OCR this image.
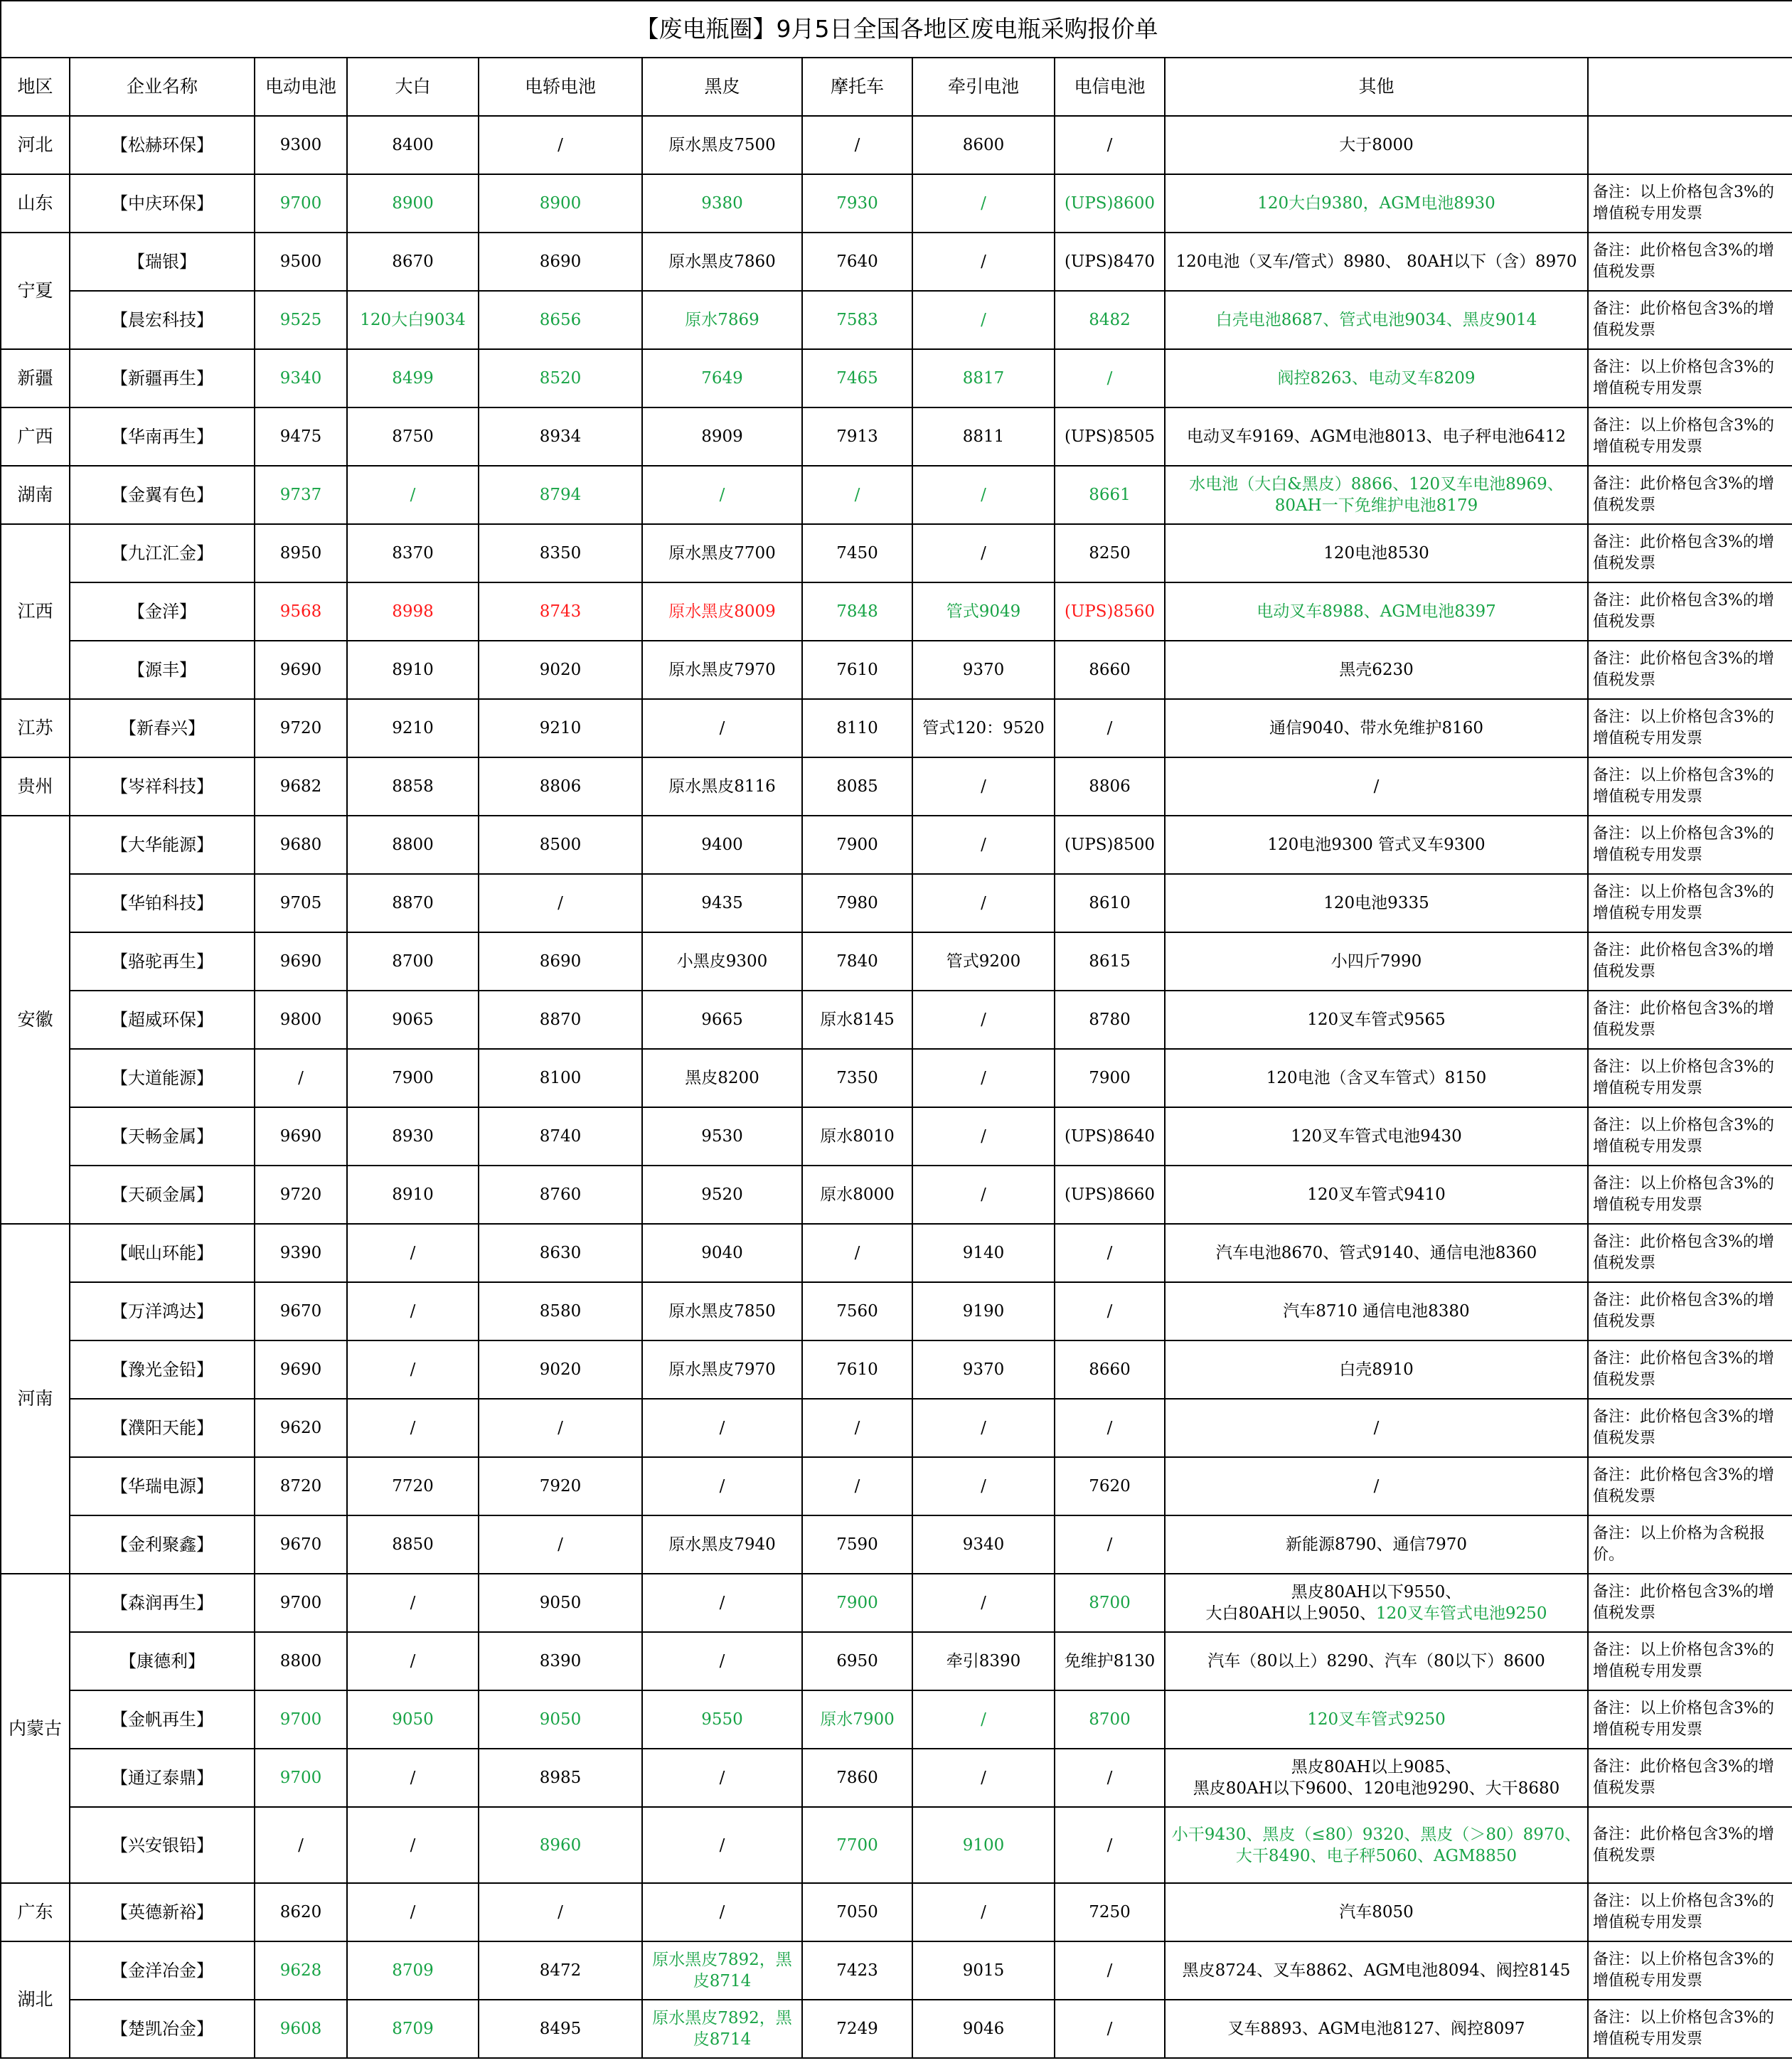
【废电瓶圈】9月5日全国各地区废电瓶采购报价单										
地区	企业名称	电动电池	大白	电轿电池	黑皮	摩托车	牵引电池	电信电池	其他	
河北	【松赫环保】	9300	8400	/	原水黑皮7500	/	8600	/	大于8000	
山东	【中庆环保】	9700	8900	8900	9380	7930	/	(UPS)8600	120大白9380，AGM电池8930	备注：以上价格包含3%的增值税专用发票
宁夏	【瑞银】	9500	8670	8690	原水黑皮7860	7640	/	(UPS)8470	120电池（叉车/管式）8980、 80AH以下（含）8970	备注：此价格包含3%的增值税发票
	【晨宏科技】	9525	120大白9034	8656	原水7869	7583	/	8482	白壳电池8687、管式电池9034、黑皮9014	备注：此价格包含3%的增值税发票
新疆	【新疆再生】	9340	8499	8520	7649	7465	8817	/	阀控8263、电动叉车8209	备注：以上价格包含3%的增值税专用发票
广西	【华南再生】	9475	8750	8934	8909	7913	8811	(UPS)8505	电动叉车9169、AGM电池8013、电子秤电池6412	备注：以上价格包含3%的增值税专用发票
湖南	【金翼有色】	9737	/	8794	/	/	/	8661	水电池（大白&黑皮）8866、120叉车电池8969、80AH一下免维护电池8179	备注：此价格包含3%的增值税发票
江西	【九江汇金】	8950	8370	8350	原水黑皮7700	7450	/	8250	120电池8530	备注：此价格包含3%的增值税发票
	【金洋】	9568	8998	8743	原水黑皮8009	7848	管式9049	(UPS)8560	电动叉车8988、AGM电池8397	备注：此价格包含3%的增值税发票
	【源丰】	9690	8910	9020	原水黑皮7970	7610	9370	8660	黑壳6230	备注：此价格包含3%的增值税发票
江苏	【新春兴】	9720	9210	9210	/	8110	管式120：9520	/	通信9040、带水免维护8160	备注：以上价格包含3%的增值税专用发票
贵州	【岑祥科技】	9682	8858	8806	原水黑皮8116	8085	/	8806	/	备注：以上价格包含3%的增值税专用发票
安徽	【大华能源】	9680	8800	8500	9400	7900	/	(UPS)8500	120电池9300 管式叉车9300	备注：以上价格包含3%的增值税专用发票
	【华铂科技】	9705	8870	/	9435	7980	/	8610	120电池9335	备注：以上价格包含3%的增值税专用发票
	【骆驼再生】	9690	8700	8690	小黑皮9300	7840	管式9200	8615	小四斤7990	备注：此价格包含3%的增值税发票
	【超威环保】	9800	9065	8870	9665	原水8145	/	8780	120叉车管式9565	备注：此价格包含3%的增值税发票
	【大道能源】	/	7900	8100	黑皮8200	7350	/	7900	120电池（含叉车管式）8150	备注：以上价格包含3%的增值税专用发票
	【天畅金属】	9690	8930	8740	9530	原水8010	/	(UPS)8640	120叉车管式电池9430	备注：以上价格包含3%的增值税专用发票
	【天硕金属】	9720	8910	8760	9520	原水8000	/	(UPS)8660	120叉车管式9410	备注：以上价格包含3%的增值税专用发票
河南	【岷山环能】	9390	/	8630	9040	/	9140	/	汽车电池8670、管式9140、通信电池8360	备注：此价格包含3%的增值税发票
	【万洋鸿达】	9670	/	8580	原水黑皮7850	7560	9190	/	汽车8710 通信电池8380	备注：此价格包含3%的增值税发票
	【豫光金铅】	9690	/	9020	原水黑皮7970	7610	9370	8660	白壳8910	备注：此价格包含3%的增值税发票
	【濮阳天能】	9620	/	/	/	/	/	/	/	备注：此价格包含3%的增值税发票
	【华瑞电源】	8720	7720	7920	/	/	/	7620	/	备注：此价格包含3%的增值税发票
	【金利聚鑫】	9670	8850	/	原水黑皮7940	7590	9340	/	新能源8790、通信7970	备注：以上价格为含税报价。
内蒙古	【森润再生】	9700	/	9050	/	7900	/	8700	黑皮80AH以下9550、
大白80AH以上9050、120叉车管式电池9250	备注：此价格包含3%的增值税发票
	【康德利】	8800	/	8390	/	6950	牵引8390	免维护8130	汽车（80以上）8290、汽车（80以下）8600	备注：以上价格包含3%的增值税专用发票
	【金帆再生】	9700	9050	9050	9550	原水7900	/	8700	120叉车管式9250	备注：以上价格包含3%的增值税专用发票
	【通辽泰鼎】	9700	/	8985	/	7860	/	/	黑皮80AH以上9085、
黑皮80AH以下9600、120电池9290、大干8680	备注：此价格包含3%的增值税发票
	【兴安银铅】	/	/	8960	/	7700	9100	/	小干9430、黑皮（≤80）9320、黑皮（＞80）8970、大干8490、电子秤5060、AGM8850	备注：此价格包含3%的增值税发票
广东	【英德新裕】	8620	/	/	/	7050	/	7250	汽车8050	备注：以上价格包含3%的增值税专用发票
湖北	【金洋冶金】	9628	8709	8472	原水黑皮7892，黑皮8714	7423	9015	/	黑皮8724、叉车8862、AGM电池8094、阀控8145	备注：以上价格包含3%的增值税专用发票
	【楚凯冶金】	9608	8709	8495	原水黑皮7892，黑皮8714	7249	9046	/	叉车8893、AGM电池8127、阀控8097	备注：以上价格包含3%的增值税专用发票
